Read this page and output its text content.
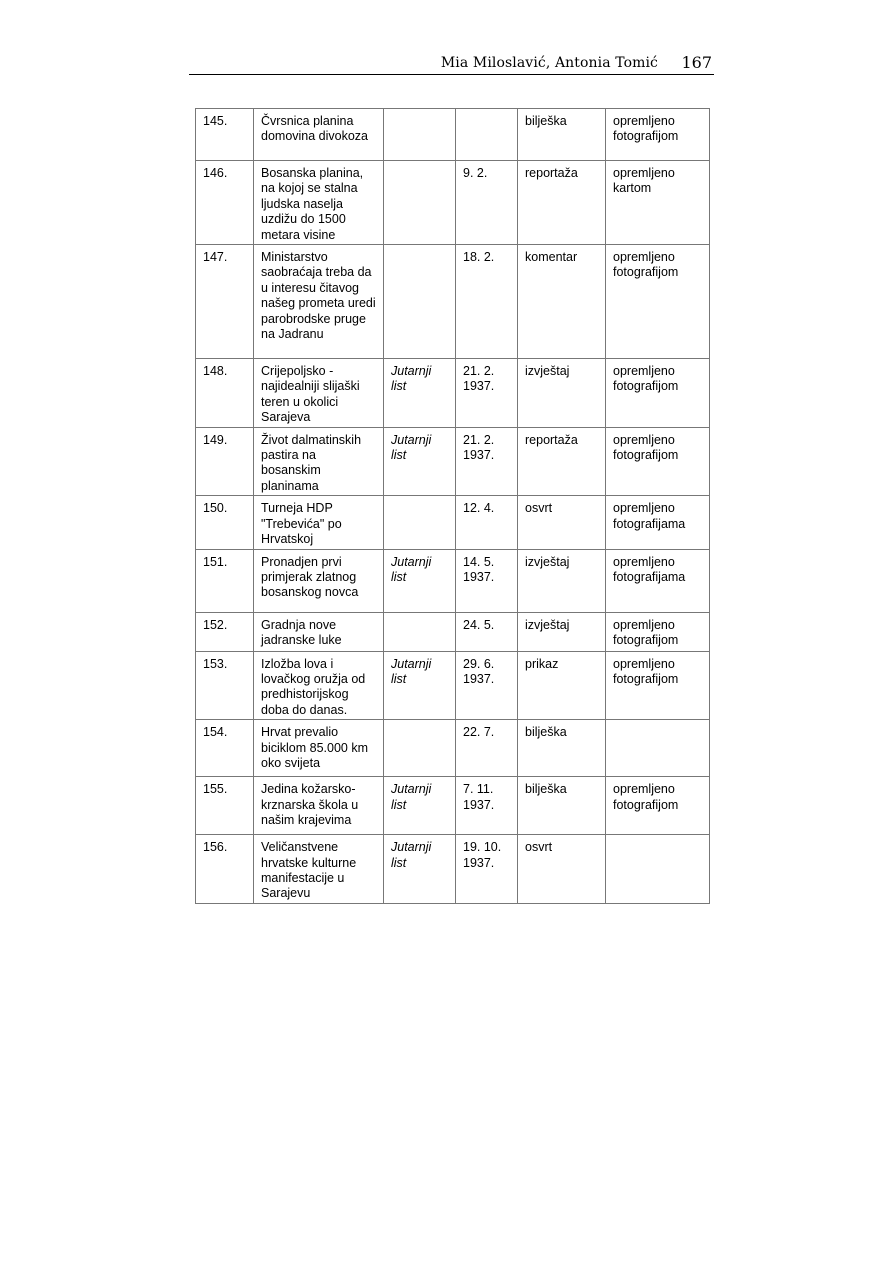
Mia Miloslavić, Antonia Tomić 167
145.	Čvrsnica planina domovina divokoza			bilješka	opremljeno fotografijom
146.	Bosanska planina, na kojoj se stalna ljudska naselja uzdižu do 1500 metara visine		9. 2.	reportaža	opremljeno kartom
147.	Ministarstvo saobraćaja treba da u interesu čitavog našeg prometa uredi parobrodske pruge na Jadranu		18. 2.	komentar	opremljeno fotografijom
148.	Crijepoljsko - najidealniji slijaški teren u okolici Sarajeva	Jutarnji list	21. 2. 1937.	izvještaj	opremljeno fotografijom
149.	Život dalmatinskih pastira na bosanskim planinama	Jutarnji list	21. 2. 1937.	reportaža	opremljeno fotografijom
150.	Turneja HDP "Trebevića" po Hrvatskoj		12. 4.	osvrt	opremljeno fotografijama
151.	Pronadjen prvi primjerak zlatnog bosanskog novca	Jutarnji list	14. 5. 1937.	izvještaj	opremljeno fotografijama
152.	Gradnja nove jadranske luke		24. 5.	izvještaj	opremljeno fotografijom
153.	Izložba lova i lovačkog oružja od predhistorijskog doba do danas.	Jutarnji list	29. 6. 1937.	prikaz	opremljeno fotografijom
154.	Hrvat prevalio biciklom 85.000 km oko svijeta		22. 7.	bilješka	
155.	Jedina kožarsko-krznarska škola u našim krajevima	Jutarnji list	7. 11. 1937.	bilješka	opremljeno fotografijom
156.	Veličanstvene hrvatske kulturne manifestacije u Sarajevu	Jutarnji list	19. 10. 1937.	osvrt	
